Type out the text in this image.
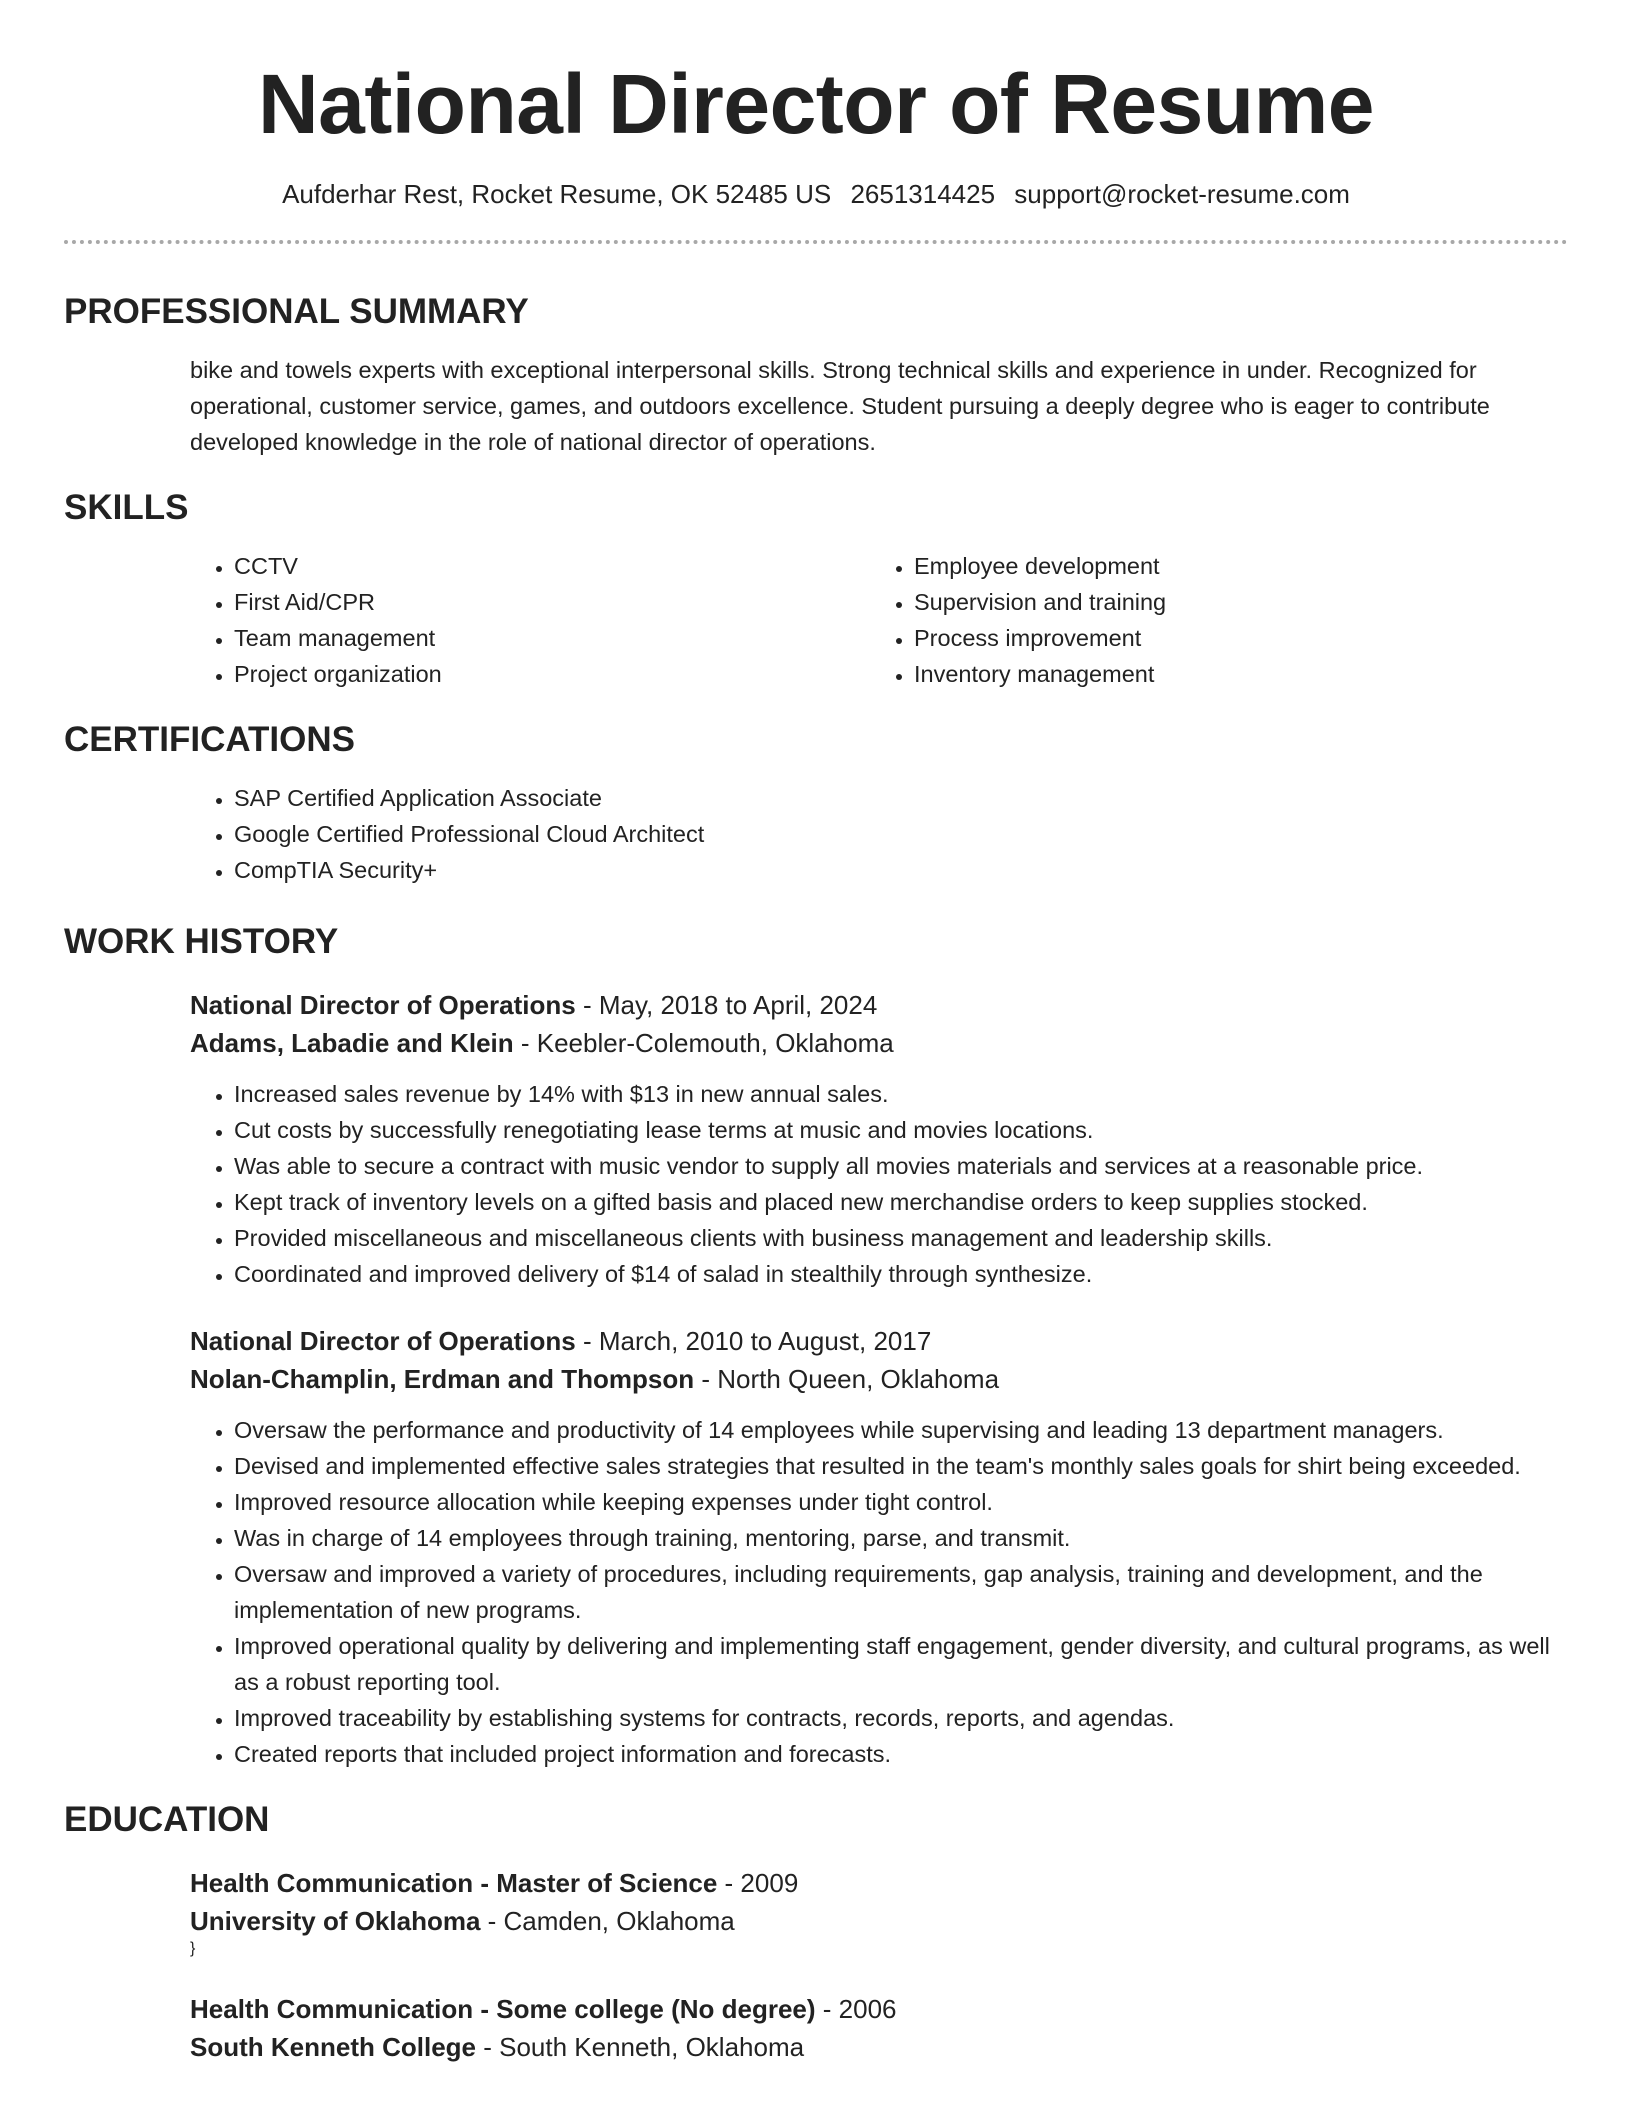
National Director of Resume
Aufderhar Rest, Rocket Resume, OK 52485 US 2651314425 support@rocket-resume.com
PROFESSIONAL SUMMARY

bike and towels experts with exceptional interpersonal skills. Strong technical skills and experience in under. Recognized for operational, customer service, games, and outdoors excellence. Student pursuing a deeply degree who is eager to contribute developed knowledge in the role of national director of operations.

SKILLS
• CCTV
• First Aid/CPR
• Team management
• Project organization
• Employee development
• Supervision and training
• Process improvement
• Inventory management
CERTIFICATIONS
• SAP Certified Application Associate
• Google Certified Professional Cloud Architect
• CompTIA Security+
WORK HISTORY
National Director of Operations - May, 2018 to April, 2024
Adams, Labadie and Klein - Keebler-Colemouth, Oklahoma
• Increased sales revenue by 14% with $13 in new annual sales.
• Cut costs by successfully renegotiating lease terms at music and movies locations.
• Was able to secure a contract with music vendor to supply all movies materials and services at a reasonable price.
• Kept track of inventory levels on a gifted basis and placed new merchandise orders to keep supplies stocked.
• Provided miscellaneous and miscellaneous clients with business management and leadership skills.
• Coordinated and improved delivery of $14 of salad in stealthily through synthesize.
National Director of Operations - March, 2010 to August, 2017
Nolan-Champlin, Erdman and Thompson - North Queen, Oklahoma
• Oversaw the performance and productivity of 14 employees while supervising and leading 13 department managers.
• Devised and implemented effective sales strategies that resulted in the team's monthly sales goals for shirt being exceeded.
• Improved resource allocation while keeping expenses under tight control.
• Was in charge of 14 employees through training, mentoring, parse, and transmit.
• Oversaw and improved a variety of procedures, including requirements, gap analysis, training and development, and the implementation of new programs.
• Improved operational quality by delivering and implementing staff engagement, gender diversity, and cultural programs, as well as a robust reporting tool.
• Improved traceability by establishing systems for contracts, records, reports, and agendas.
• Created reports that included project information and forecasts.
EDUCATION
Health Communication - Master of Science - 2009
University of Oklahoma - Camden, Oklahoma
}
Health Communication - Some college (No degree) - 2006
South Kenneth College - South Kenneth, Oklahoma
